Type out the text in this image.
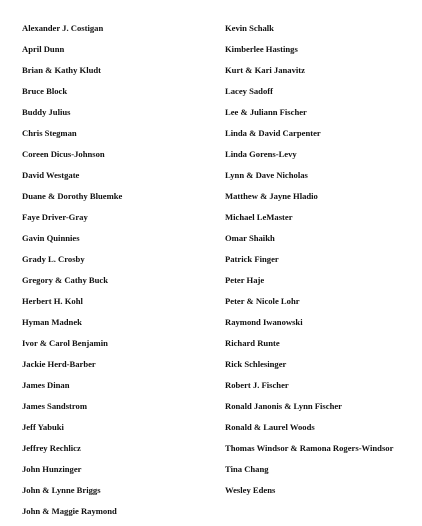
Alexander J. Costigan
April Dunn
Brian & Kathy Kludt
Bruce Block
Buddy Julius
Chris Stegman
Coreen Dicus-Johnson
David Westgate
Duane & Dorothy Bluemke
Faye Driver-Gray
Gavin Quinnies
Grady L. Crosby
Gregory & Cathy Buck
Herbert H. Kohl
Hyman Madnek
Ivor & Carol Benjamin
Jackie Herd-Barber
James Dinan
James Sandstrom
Jeff Yabuki
Jeffrey Rechlicz
John Hunzinger
John & Lynne Briggs
John & Maggie Raymond
Kevin Schalk
Kimberlee Hastings
Kurt & Kari Janavitz
Lacey Sadoff
Lee & Juliann Fischer
Linda & David Carpenter
Linda Gorens-Levy
Lynn & Dave Nicholas
Matthew & Jayne Hladio
Michael LeMaster
Omar Shaikh
Patrick Finger
Peter Haje
Peter & Nicole Lohr
Raymond Iwanowski
Richard Runte
Rick Schlesinger
Robert J. Fischer
Ronald Janonis & Lynn Fischer
Ronald & Laurel Woods
Thomas Windsor & Ramona Rogers-Windsor
Tina Chang
Wesley Edens
